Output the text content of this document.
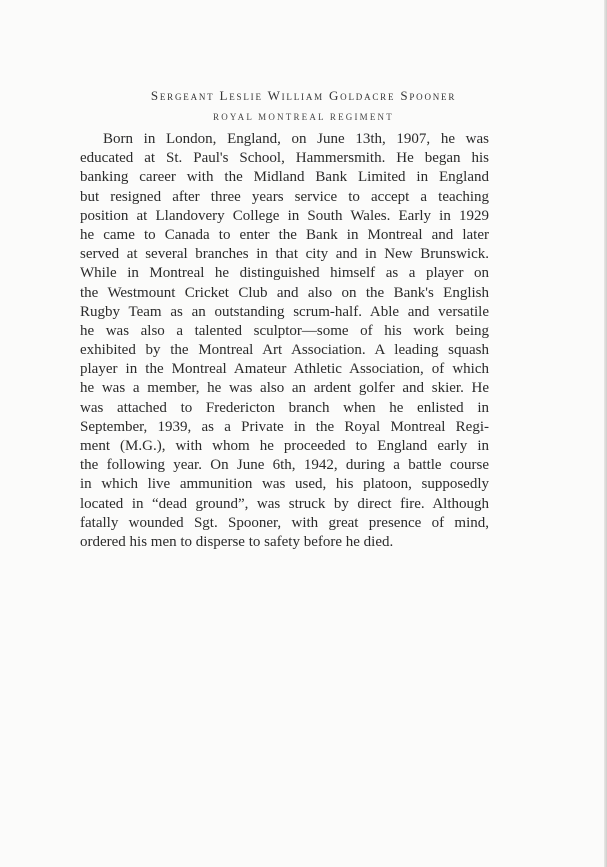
Sergeant Leslie William Goldacre Spooner
ROYAL MONTREAL REGIMENT
Born in London, England, on June 13th, 1907, he was
educated at St. Paul's School, Hammersmith. He began his
banking career with the Midland Bank Limited in England
but resigned after three years service to accept a teaching
position at Llandovery College in South Wales. Early in 1929
he came to Canada to enter the Bank in Montreal and later
served at several branches in that city and in New Brunswick.
While in Montreal he distinguished himself as a player on
the Westmount Cricket Club and also on the Bank's English
Rugby Team as an outstanding scrum-half. Able and versatile
he was also a talented sculptor—some of his work being
exhibited by the Montreal Art Association. A leading squash
player in the Montreal Amateur Athletic Association, of which
he was a member, he was also an ardent golfer and skier. He
was attached to Fredericton branch when he enlisted in
September, 1939, as a Private in the Royal Montreal Regi-
ment (M.G.), with whom he proceeded to England early in
the following year. On June 6th, 1942, during a battle course
in which live ammunition was used, his platoon, supposedly
located in “dead ground”, was struck by direct fire. Although
fatally wounded Sgt. Spooner, with great presence of mind,
ordered his men to disperse to safety before he died.
